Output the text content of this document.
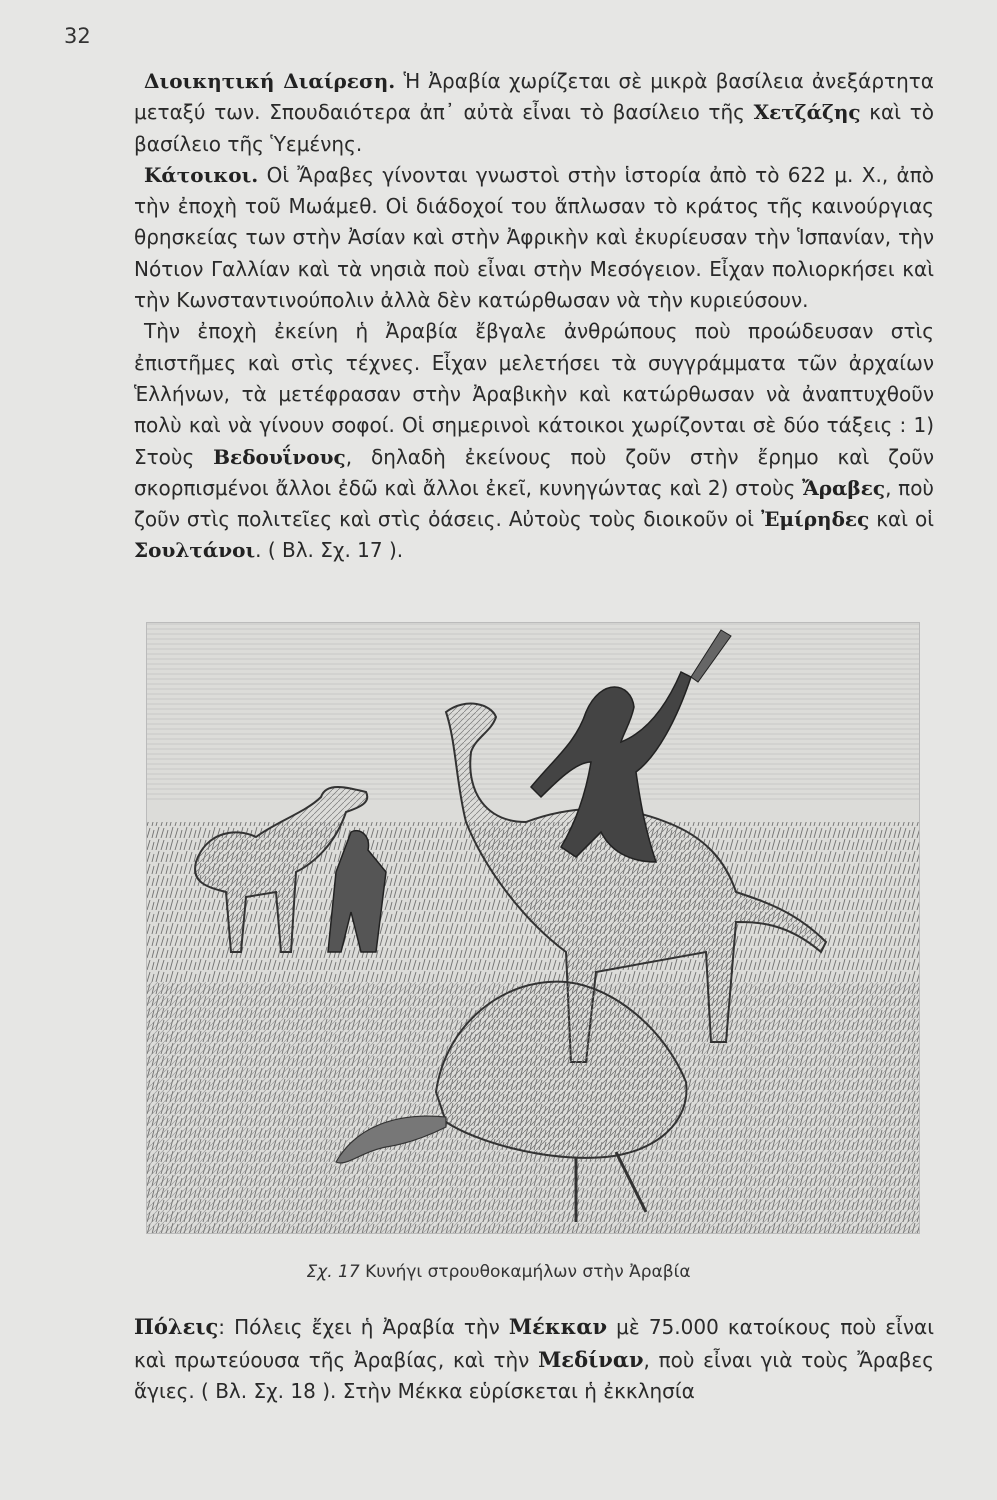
32

Διοικητική Διαίρεση. Ἡ Ἀραβία χωρίζεται σὲ μικρὰ βασίλεια ἀνεξάρτητα μεταξύ των. Σπουδαιότερα ἀπ᾿ αὐτὰ εἶναι τὸ βασίλειο τῆς Χετζάζης καὶ τὸ βασίλειο τῆς Ὑεμένης.

Κάτοικοι. Οἱ Ἄραβες γίνονται γνωστοὶ στὴν ἱστορία ἀπὸ τὸ 622 μ. Χ., ἀπὸ τὴν ἐποχὴ τοῦ Μωάμεθ. Οἱ διάδοχοί του ἅπλωσαν τὸ κράτος τῆς καινούργιας θρησκείας των στὴν Ἀσίαν καὶ στὴν Ἀφρικὴν καὶ ἐκυρίευσαν τὴν Ἱσπανίαν, τὴν Νότιον Γαλλίαν καὶ τὰ νησιὰ ποὺ εἶναι στὴν Μεσόγειον. Εἶχαν πολιορκήσει καὶ τὴν Κωνσταντινούπολιν ἀλλὰ δὲν κατώρθωσαν νὰ τὴν κυριεύσουν.

Τὴν ἐποχὴ ἐκείνη ἡ Ἀραβία ἔβγαλε ἀνθρώπους ποὺ προώδευσαν στὶς ἐπιστῆμες καὶ στὶς τέχνες. Εἶχαν μελετήσει τὰ συγγράμματα τῶν ἀρχαίων Ἑλλήνων, τὰ μετέφρασαν στὴν Ἀραβικὴν καὶ κατώρθωσαν νὰ ἀναπτυχθοῦν πολὺ καὶ νὰ γίνουν σοφοί. Οἱ σημερινοὶ κάτοικοι χωρίζονται σὲ δύο τάξεις : 1) Στοὺς Βεδουΐνους, δηλαδὴ ἐκείνους ποὺ ζοῦν στὴν ἔρημο καὶ ζοῦν σκορπισμένοι ἄλλοι ἐδῶ καὶ ἄλλοι ἐκεῖ, κυνηγώντας καὶ 2) στοὺς Ἄραβες, ποὺ ζοῦν στὶς πολιτεῖες καὶ στὶς ὀάσεις. Αὐτοὺς τοὺς διοικοῦν οἱ Ἐμίρηδες καὶ οἱ Σουλτάνοι. ( Βλ. Σχ. 17 ).

Σχ. 17 Κυνήγι στρουθοκαμήλων στὴν Ἀραβία

Πόλεις: Πόλεις ἔχει ἡ Ἀραβία τὴν Μέκκαν μὲ 75.000 κατοίκους ποὺ εἶναι καὶ πρωτεύουσα τῆς Ἀραβίας, καὶ τὴν Μεδίναν, ποὺ εἶναι γιὰ τοὺς Ἄραβες ἅγιες. ( Βλ. Σχ. 18 ). Στὴν Μέκκα εὑρίσκεται ἡ ἐκκλησία
